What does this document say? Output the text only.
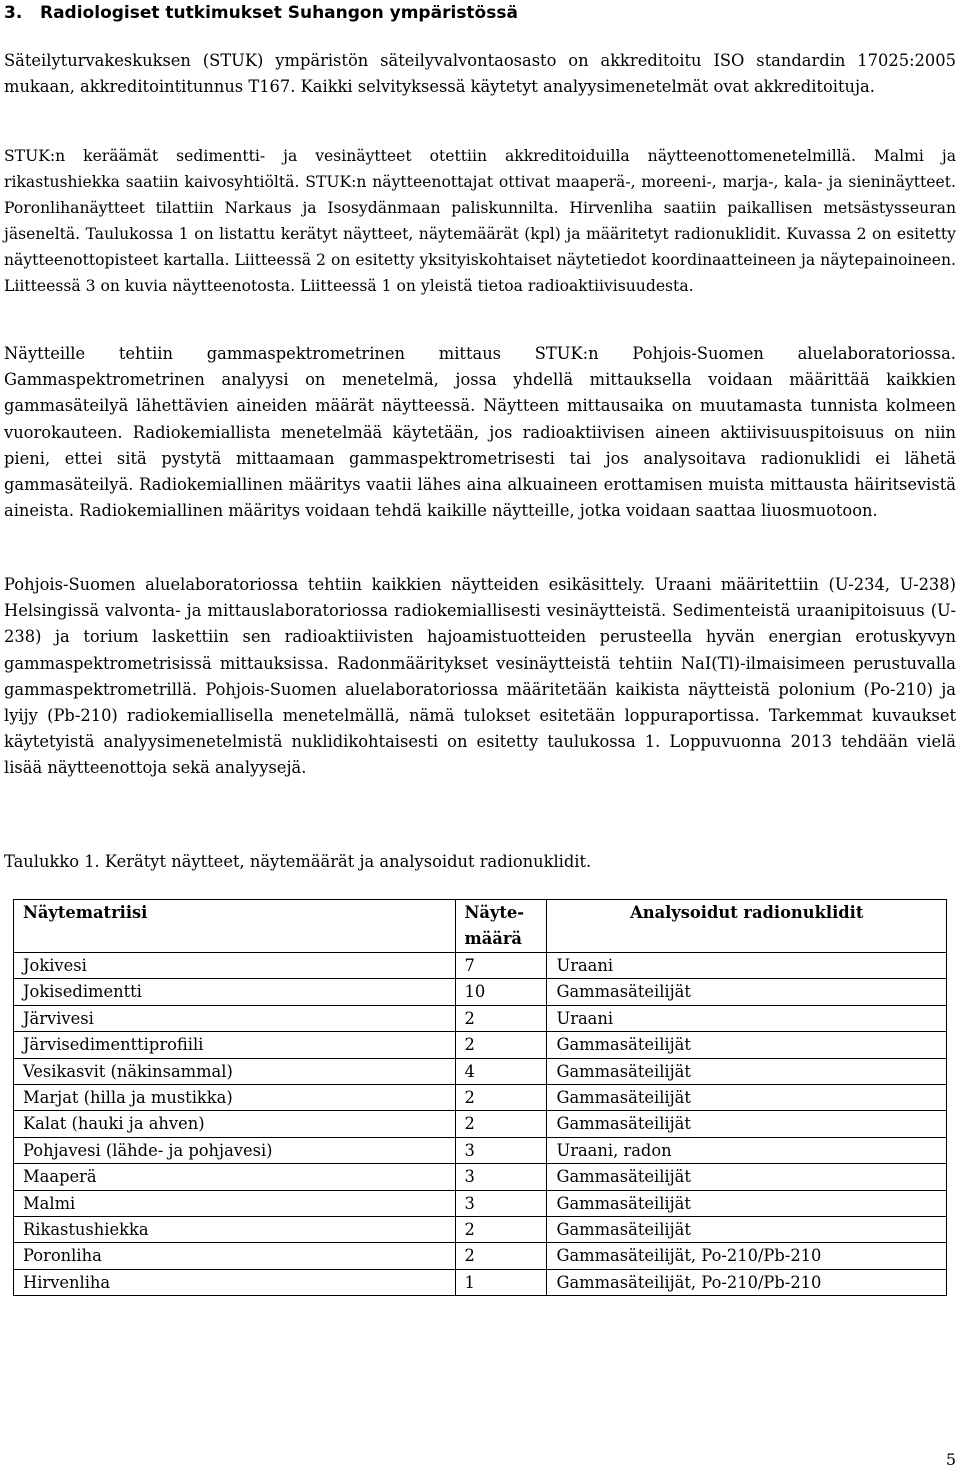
3. Radiologiset tutkimukset Suhangon ympäristössä

Säteilyturvakeskuksen (STUK) ympäristön säteilyvalvontaosasto on akkreditoitu ISO standardin 17025:2005 mukaan, akkreditointitunnus T167. Kaikki selvityksessä käytetyt analyysimenetelmät ovat akkreditoituja.

STUK:n keräämät sedimentti- ja vesinäytteet otettiin akkreditoiduilla näytteenottomenetelmillä. Malmi ja rikastushiekka saatiin kaivosyhtiöltä. STUK:n näytteenottajat ottivat maaperä-, moreeni-, marja-, kala- ja sieninäytteet. Poronlihanäytteet tilattiin Narkaus ja Isosydänmaan paliskunnilta. Hirvenliha saatiin paikallisen metsästysseuran jäseneltä. Taulukossa 1 on listattu kerätyt näytteet, näytemäärät (kpl) ja määritetyt radionuklidit. Kuvassa 2 on esitetty näytteenottopisteet kartalla. Liitteessä 2 on esitetty yksityiskohtaiset näytetiedot koordinaatteineen ja näytepainoineen. Liitteessä 3 on kuvia näytteenotosta. Liitteessä 1 on yleistä tietoa radioaktiivisuudesta.

Näytteille tehtiin gammaspektrometrinen mittaus STUK:n Pohjois-Suomen aluelaboratoriossa. Gammaspektrometrinen analyysi on menetelmä, jossa yhdellä mittauksella voidaan määrittää kaikkien gammasäteilyä lähettävien aineiden määrät näytteessä. Näytteen mittausaika on muutamasta tunnista kolmeen vuorokauteen. Radiokemiallista menetelmää käytetään, jos radioaktiivisen aineen aktiivisuuspitoisuus on niin pieni, ettei sitä pystytä mittaamaan gammaspektrometrisesti tai jos analysoitava radionuklidi ei lähetä gammasäteilyä. Radiokemiallinen määritys vaatii lähes aina alkuaineen erottamisen muista mittausta häiritsevistä aineista. Radiokemiallinen määritys voidaan tehdä kaikille näytteille, jotka voidaan saattaa liuosmuotoon.

Pohjois-Suomen aluelaboratoriossa tehtiin kaikkien näytteiden esikäsittely. Uraani määritettiin (U-234, U-238) Helsingissä valvonta- ja mittauslaboratoriossa radiokemiallisesti vesinäytteistä. Sedimenteistä uraanipitoisuus (U-238) ja torium laskettiin sen radioaktiivisten hajoamistuotteiden perusteella hyvän energian erotuskyvyn gammaspektrometrisissä mittauksissa. Radonmääritykset vesinäytteistä tehtiin NaI(Tl)-ilmaisimeen perustuvalla gammaspektrometrillä. Pohjois-Suomen aluelaboratoriossa määritetään kaikista näytteistä polonium (Po-210) ja lyijy (Pb-210) radiokemiallisella menetelmällä, nämä tulokset esitetään loppuraportissa. Tarkemmat kuvaukset käytetyistä analyysimenetelmistä nuklidikohtaisesti on esitetty taulukossa 1. Loppuvuonna 2013 tehdään vielä lisää näytteenottoja sekä analyysejä.

Taulukko 1. Kerätyt näytteet, näytemäärät ja analysoidut radionuklidit.

Näytematriisi	Näyte-määrä	Analysoidut radionuklidit
Jokivesi	7	Uraani
Jokisedimentti	10	Gammasäteilijät
Järvivesi	2	Uraani
Järvisedimenttiprofiili	2	Gammasäteilijät
Vesikasvit (näkinsammal)	4	Gammasäteilijät
Marjat (hilla ja mustikka)	2	Gammasäteilijät
Kalat (hauki ja ahven)	2	Gammasäteilijät
Pohjavesi (lähde- ja pohjavesi)	3	Uraani, radon
Maaperä	3	Gammasäteilijät
Malmi	3	Gammasäteilijät
Rikastushiekka	2	Gammasäteilijät
Poronliha	2	Gammasäteilijät, Po-210/Pb-210
Hirvenliha	1	Gammasäteilijät, Po-210/Pb-210

5
